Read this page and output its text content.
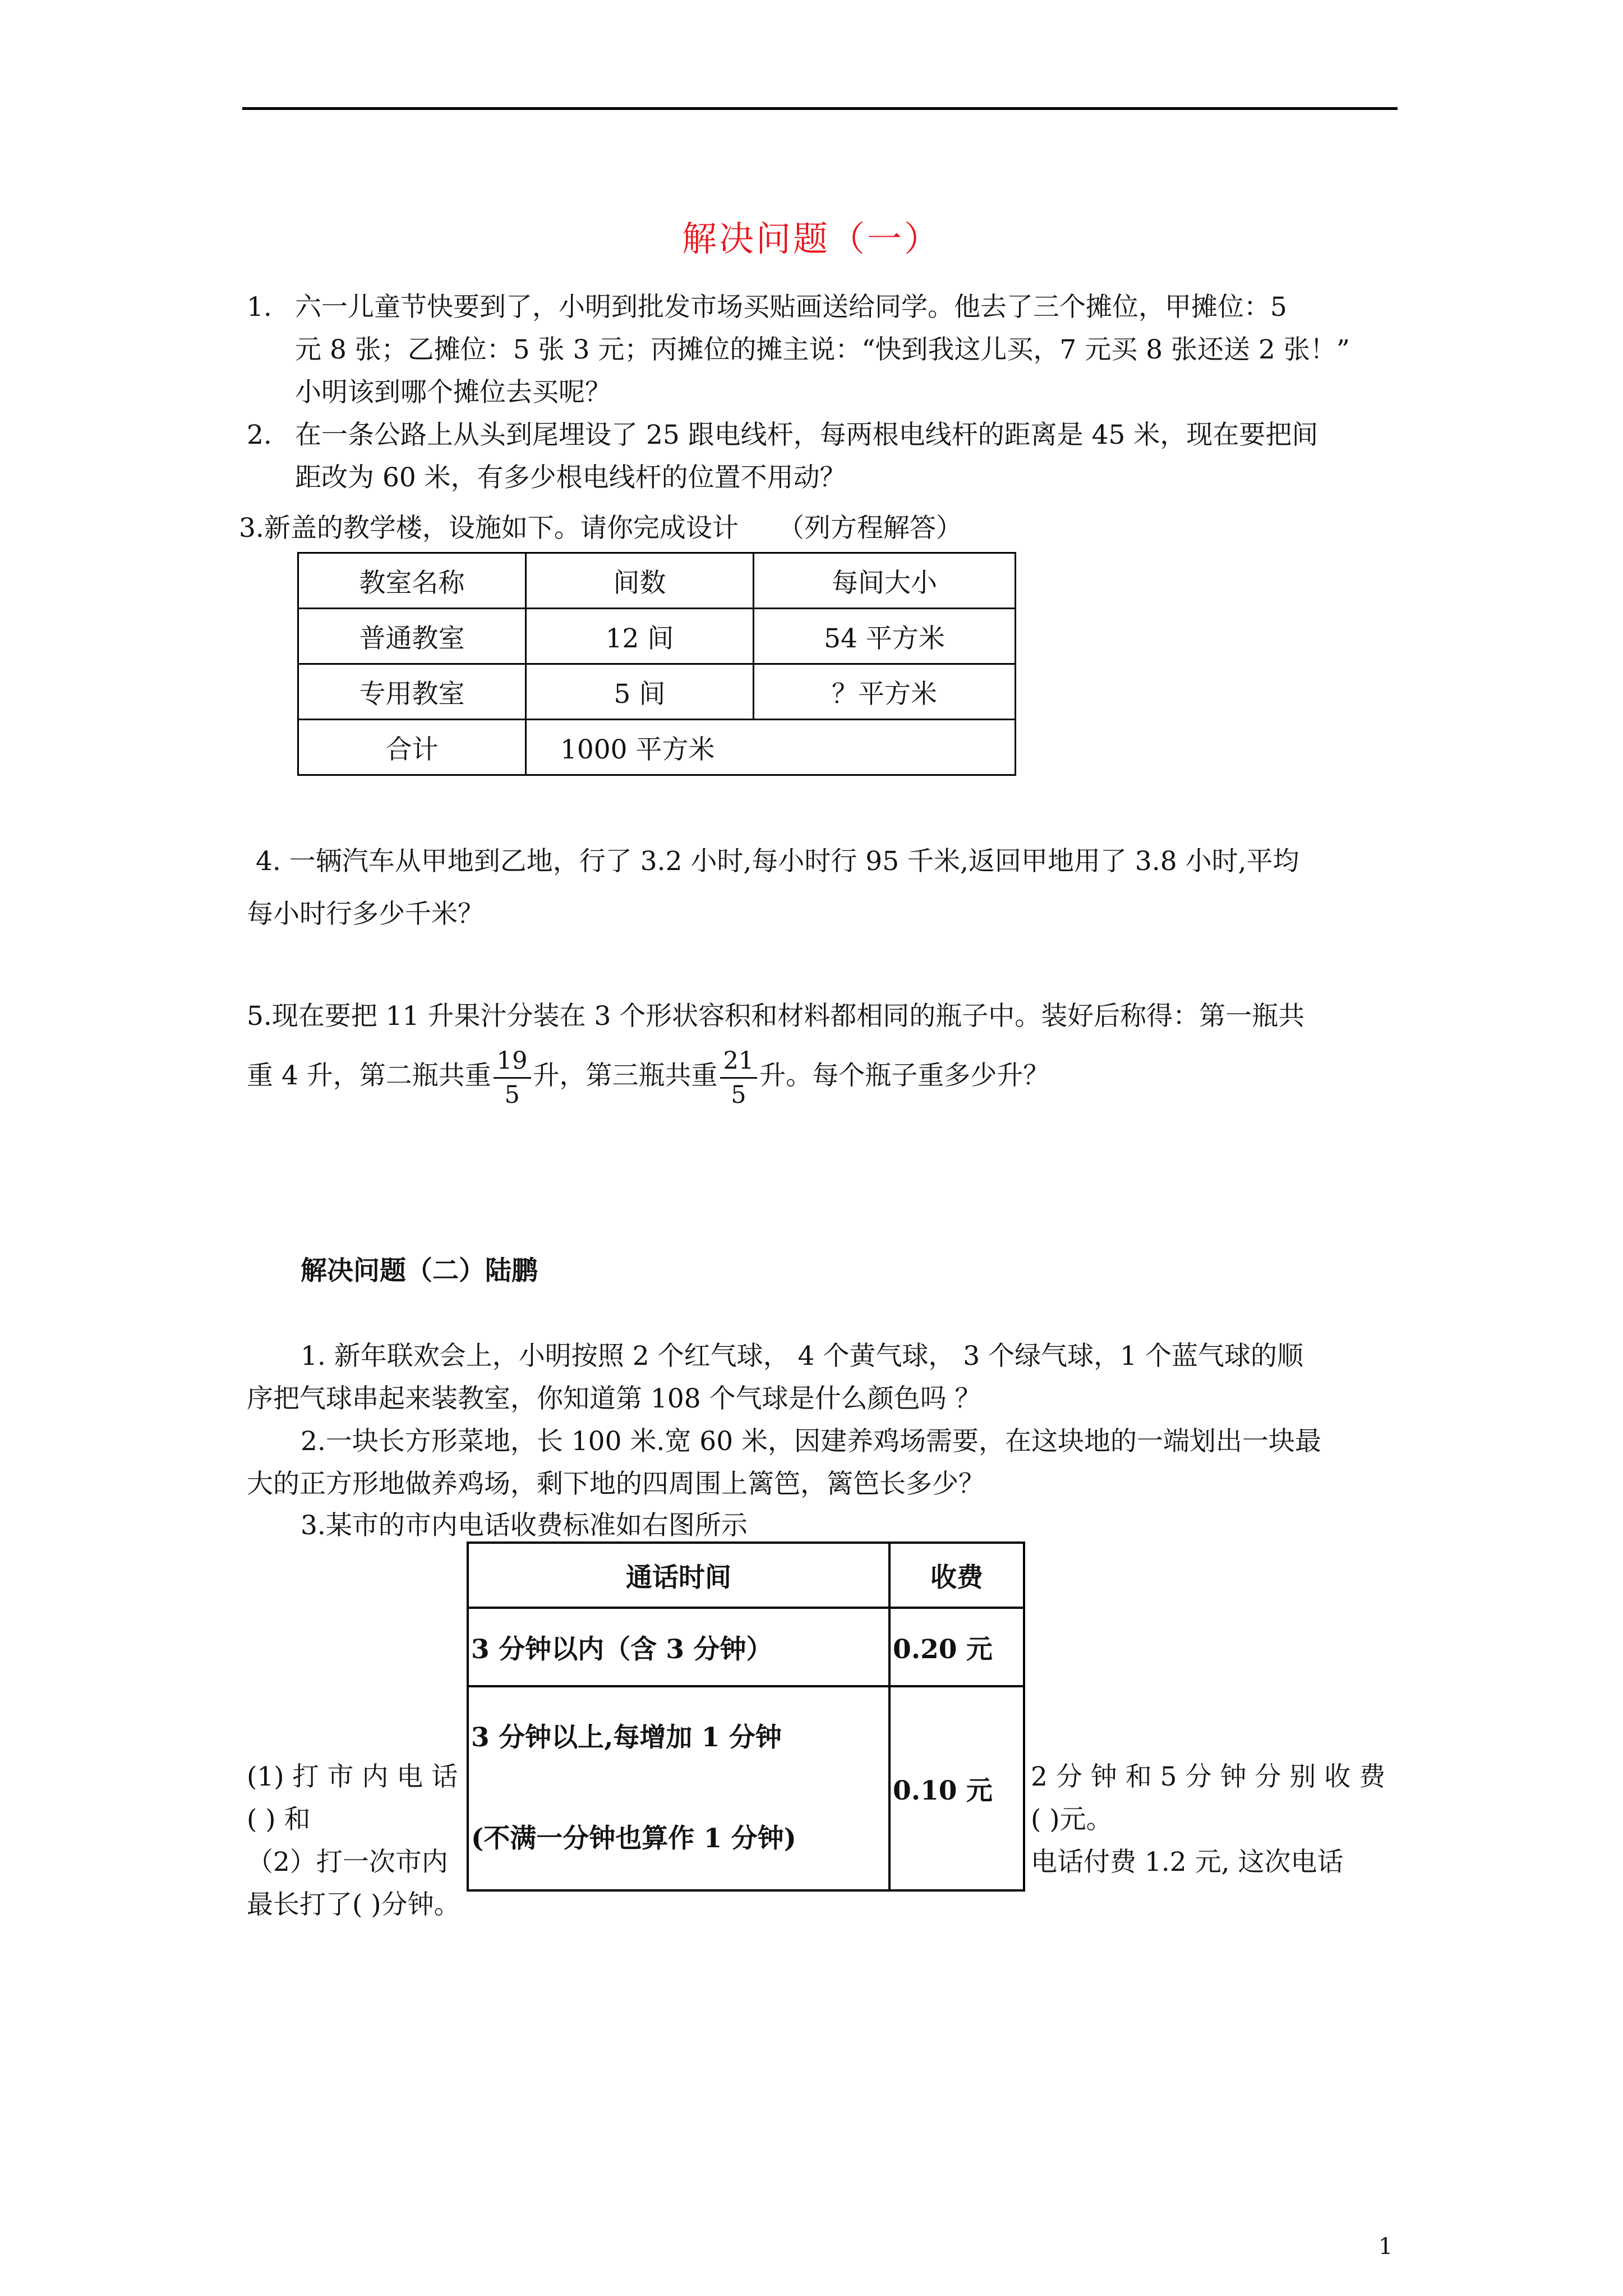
解决问题（一）
1. 六一儿童节快要到了，小明到批发市场买贴画送给同学。他去了三个摊位，甲摊位：5
元 8 张；乙摊位：5 张 3 元；丙摊位的摊主说：“快到我这儿买，7 元买 8 张还送 2 张！”
小明该到哪个摊位去买呢？
2. 在一条公路上从头到尾埋设了 25 跟电线杆，每两根电线杆的距离是 45 米，现在要把间
距改为 60 米，有多少根电线杆的位置不用动？
3.新盖的教学楼，设施如下。请你完成设计 （列方程解答）
教室名称	间数	每间大小
普通教室	12 间	54 平方米
专用教室	5 间	？平方米
合计	1000 平方米	
4. 一辆汽车从甲地到乙地，行了 3.2 小时,每小时行 95 千米,返回甲地用了 3.8 小时,平均
每小时行多少千米？
5.现在要把 11 升果汁分装在 3 个形状容积和材料都相同的瓶子中。装好后称得：第一瓶共
重 4 升，第二瓶共重 $\frac{19}{5}$ 升，第三瓶共重 $\frac{21}{5}$ 升。每个瓶子重多少升？
解决问题（二）陆鹏
1. 新年联欢会上，小明按照 2 个红气球， 4 个黄气球， 3 个绿气球，1 个蓝气球的顺
序把气球串起来装教室，你知道第 108 个气球是什么颜色吗 ？
2.一块长方形菜地，长 100 米.宽 60 米，因建养鸡场需要，在这块地的一端划出一块最
大的正方形地做养鸡场，剩下地的四周围上篱笆，篱笆长多少？
3.某市的市内电话收费标准如右图所示
通话时间	收费
3 分钟以内（含 3 分钟）	0.20 元

3 分钟以上,每增加 1 分钟
(不满一分钟也算作 1 分钟)	0.10 元
(1) 打 市 内 电 话
( ) 和
（2）打一次市内
2 分 钟 和 5 分 钟 分 别 收 费
( )元。
电话付费 1.2 元, 这次电话
最长打了( )分钟。
1
